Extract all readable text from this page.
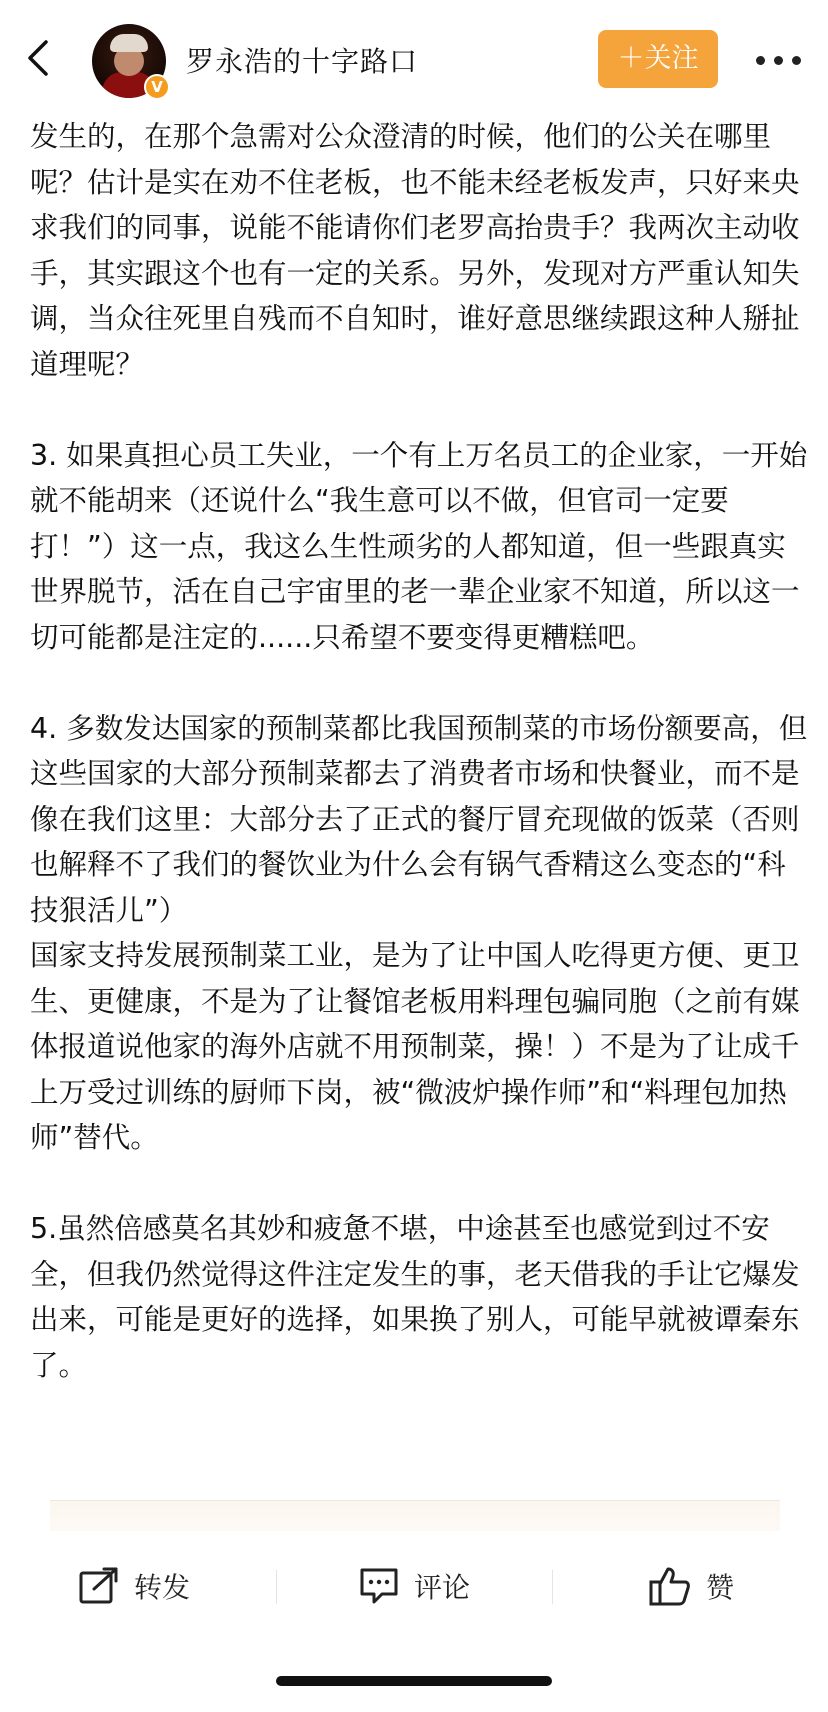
V
罗永浩的十字路口	＋关注

发生的，在那个急需对公众澄清的时候，他们的公关在哪里呢？估计是实在劝不住老板，也不能未经老板发声，只好来央求我们的同事，说能不能请你们老罗高抬贵手？我两次主动收手，其实跟这个也有一定的关系。另外，发现对方严重认知失调，当众往死里自残而不自知时，谁好意思继续跟这种人掰扯道理呢？

3. 如果真担心员工失业，一个有上万名员工的企业家，一开始就不能胡来（还说什么“我生意可以不做，但官司一定要打！”）这一点，我这么生性顽劣的人都知道，但一些跟真实世界脱节，活在自己宇宙里的老一辈企业家不知道，所以这一切可能都是注定的......只希望不要变得更糟糕吧。

4. 多数发达国家的预制菜都比我国预制菜的市场份额要高，但这些国家的大部分预制菜都去了消费者市场和快餐业，而不是像在我们这里：大部分去了正式的餐厅冒充现做的饭菜（否则也解释不了我们的餐饮业为什么会有锅气香精这么变态的“科技狠活儿”）

国家支持发展预制菜工业，是为了让中国人吃得更方便、更卫生、更健康，不是为了让餐馆老板用料理包骗同胞（之前有媒体报道说他家的海外店就不用预制菜，操！）不是为了让成千上万受过训练的厨师下岗，被“微波炉操作师”和“料理包加热师”替代。

5.虽然倍感莫名其妙和疲惫不堪，中途甚至也感觉到过不安全，但我仍然觉得这件注定发生的事，老天借我的手让它爆发出来，可能是更好的选择，如果换了别人，可能早就被谭秦东了。

转发	评论	赞
